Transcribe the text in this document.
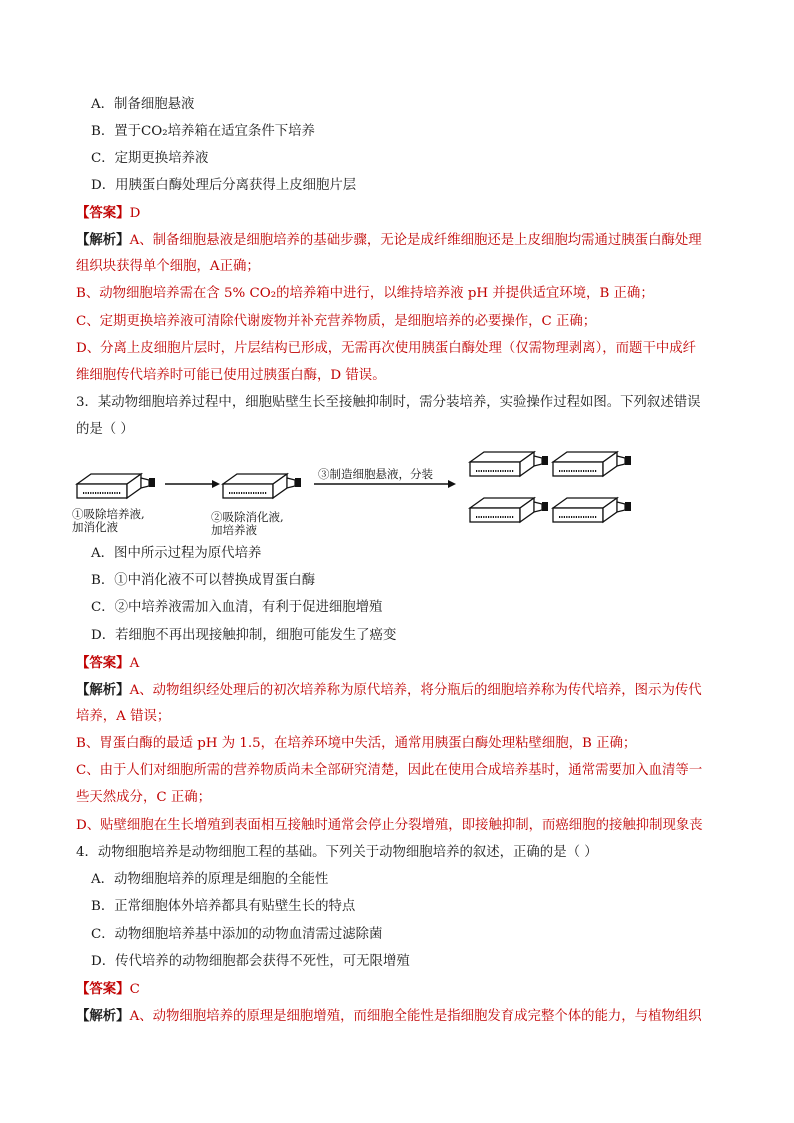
A．制备细胞悬液
B．置于CO₂培养箱在适宜条件下培养
C．定期更换培养液
D．用胰蛋白酶处理后分离获得上皮细胞片层
【答案】D
【解析】A、制备细胞悬液是细胞培养的基础步骤，无论是成纤维细胞还是上皮细胞均需通过胰蛋白酶处理
组织块获得单个细胞，A正确；
B、动物细胞培养需在含 5% CO₂的培养箱中进行，以维持培养液 pH 并提供适宜环境，B 正确；
C、定期更换培养液可清除代谢废物并补充营养物质，是细胞培养的必要操作，C 正确；
D、分离上皮细胞片层时，片层结构已形成，无需再次使用胰蛋白酶处理（仅需物理剥离），而题干中成纤
维细胞传代培养时可能已使用过胰蛋白酶，D 错误。
3．某动物细胞培养过程中，细胞贴壁生长至接触抑制时，需分装培养，实验操作过程如图。下列叙述错误
的是（ ）
①吸除培养液,
加消化液
②吸除消化液,
加培养液
③制造细胞悬液，分装
A．图中所示过程为原代培养
B．①中消化液不可以替换成胃蛋白酶
C．②中培养液需加入血清，有利于促进细胞增殖
D．若细胞不再出现接触抑制，细胞可能发生了癌变
【答案】A
【解析】A、动物组织经处理后的初次培养称为原代培养，将分瓶后的细胞培养称为传代培养，图示为传代
培养，A 错误；
B、胃蛋白酶的最适 pH 为 1.5，在培养环境中失活，通常用胰蛋白酶处理粘壁细胞，B 正确；
C、由于人们对细胞所需的营养物质尚未全部研究清楚，因此在使用合成培养基时，通常需要加入血清等一
些天然成分，C 正确；
D、贴壁细胞在生长增殖到表面相互接触时通常会停止分裂增殖，即接触抑制，而癌细胞的接触抑制现象丧
4．动物细胞培养是动物细胞工程的基础。下列关于动物细胞培养的叙述，正确的是（ ）
A．动物细胞培养的原理是细胞的全能性
B．正常细胞体外培养都具有贴壁生长的特点
C．动物细胞培养基中添加的动物血清需过滤除菌
D．传代培养的动物细胞都会获得不死性，可无限增殖
【答案】C
【解析】A、动物细胞培养的原理是细胞增殖，而细胞全能性是指细胞发育成完整个体的能力，与植物组织
